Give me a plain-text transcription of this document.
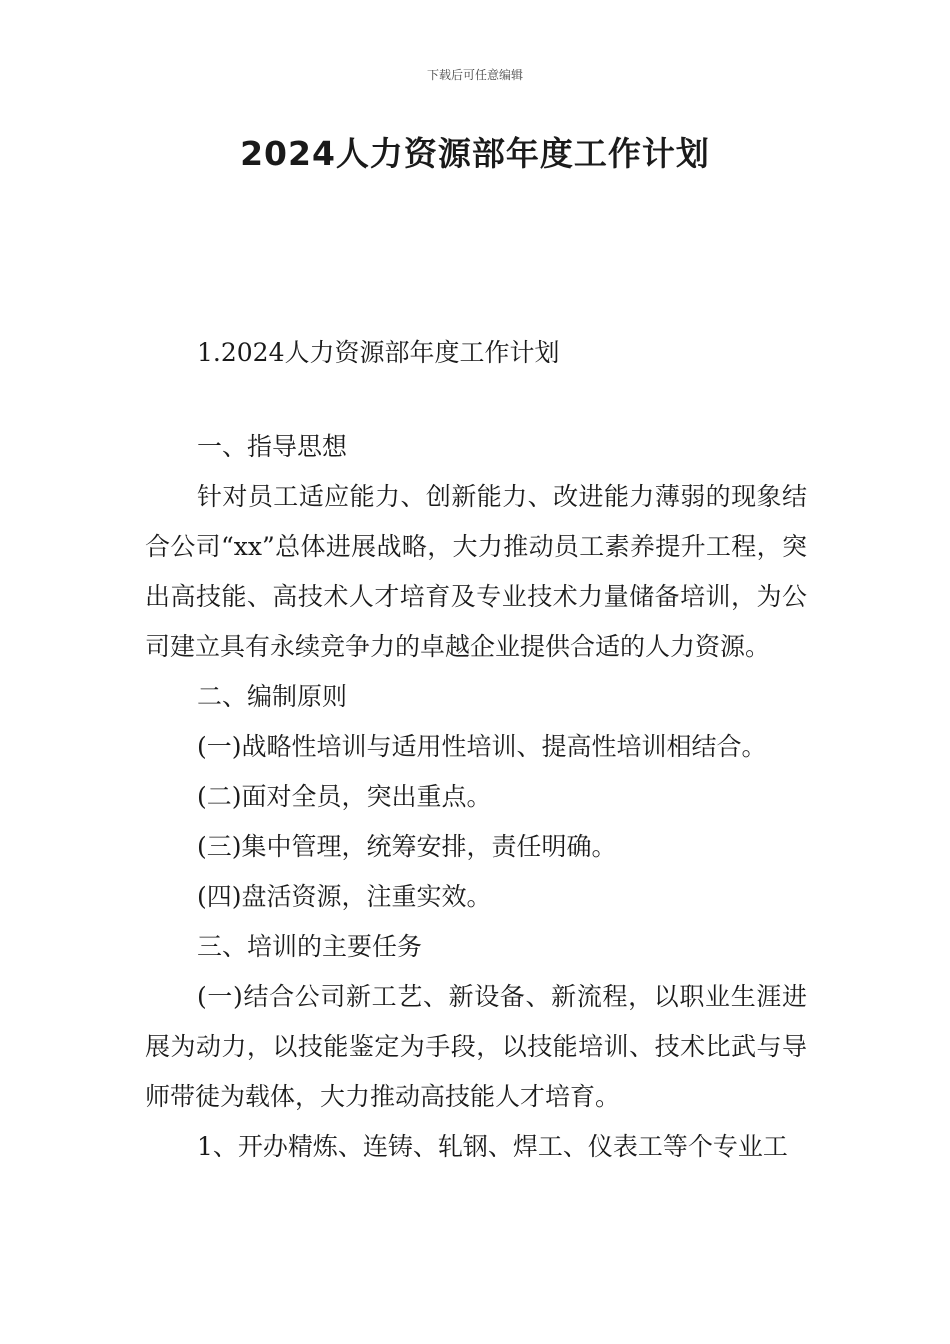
下载后可任意编辑
2024人力资源部年度工作计划

1.2024人力资源部年度工作计划

一、指导思想

针对员工适应能力、创新能力、改进能力薄弱的现象结合公司“xx”总体进展战略，大力推动员工素养提升工程，突出高技能、高技术人才培育及专业技术力量储备培训，为公司建立具有永续竞争力的卓越企业提供合适的人力资源。

二、编制原则

(一)战略性培训与适用性培训、提高性培训相结合。

(二)面对全员，突出重点。

(三)集中管理，统筹安排，责任明确。

(四)盘活资源，注重实效。

三、培训的主要任务

(一)结合公司新工艺、新设备、新流程，以职业生涯进展为动力，以技能鉴定为手段，以技能培训、技术比武与导师带徒为载体，大力推动高技能人才培育。

1、开办精炼、连铸、轧钢、焊工、仪表工等个专业工
